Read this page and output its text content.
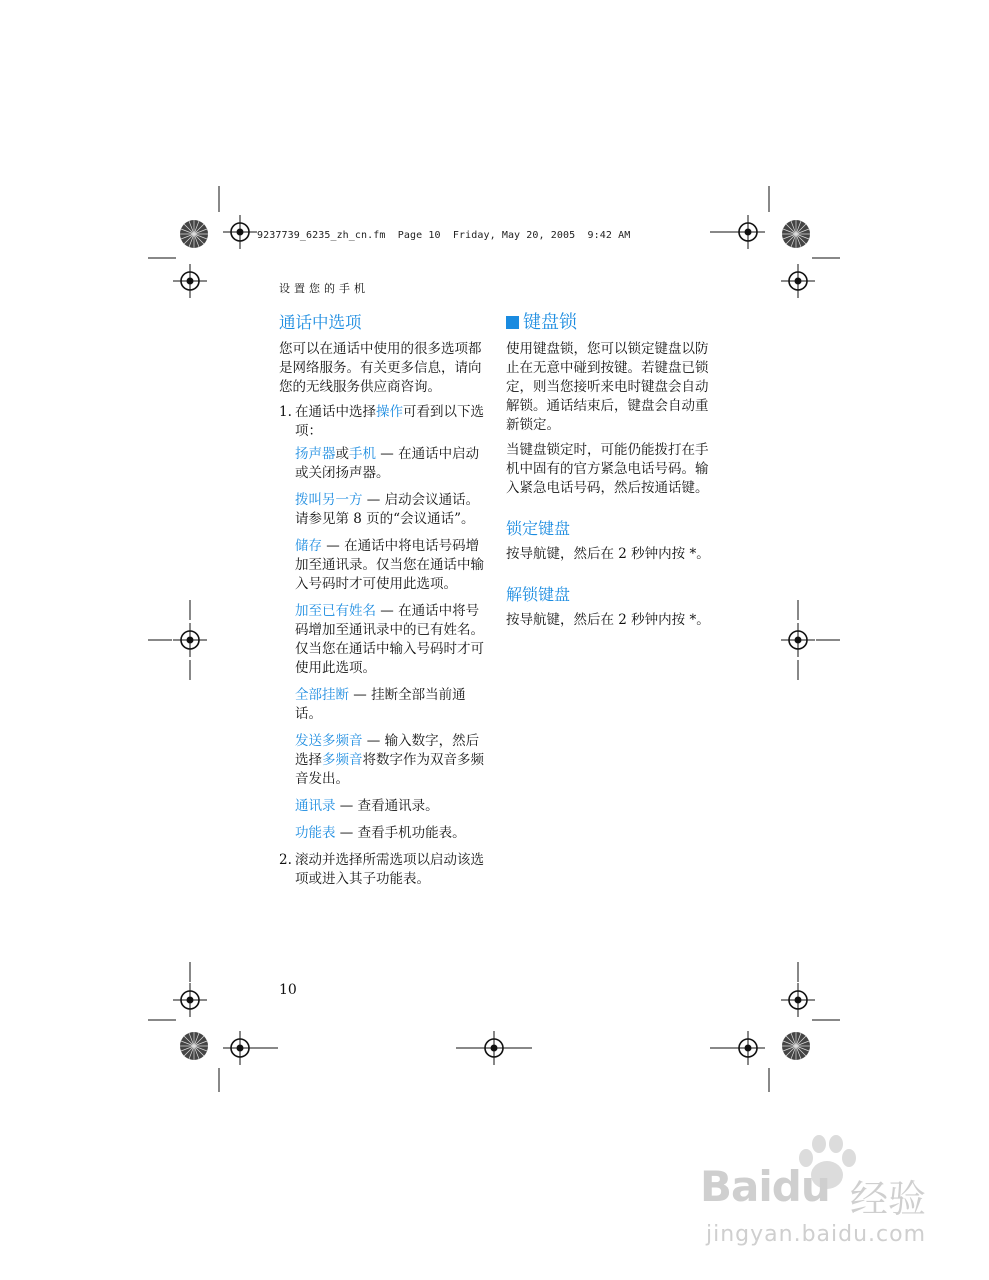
9237739_6235_zh_cn.fm  Page 10  Friday, May 20, 2005  9:42 AM
设置您的手机
通话中选项

您可以在通话中使用的很多选项都是网络服务。有关更多信息，请向您的无线服务供应商咨询。

1. 在通话中选择操作可看到以下选项：
扬声器或手机 — 在通话中启动或关闭扬声器。
拨叫另一方 — 启动会议通话。请参见第 8 页的“会议通话”。
储存 — 在通话中将电话号码增加至通讯录。仅当您在通话中输入号码时才可使用此选项。
加至已有姓名 — 在通话中将号码增加至通讯录中的已有姓名。仅当您在通话中输入号码时才可使用此选项。
全部挂断 — 挂断全部当前通话。
发送多频音 — 输入数字，然后选择多频音将数字作为双音多频音发出。
通讯录 — 查看通讯录。
功能表 — 查看手机功能表。
2. 滚动并选择所需选项以启动该选项或进入其子功能表。
键盘锁

使用键盘锁，您可以锁定键盘以防止在无意中碰到按键。若键盘已锁定，则当您接听来电时键盘会自动解锁。通话结束后，键盘会自动重新锁定。

当键盘锁定时，可能仍能拨打在手机中固有的官方紧急电话号码。输入紧急电话号码，然后按通话键。

锁定键盘

按导航键，然后在 2 秒钟内按 *。

解锁键盘

按导航键，然后在 2 秒钟内按 *。

10
Baidu 经验
jingyan.baidu.com
